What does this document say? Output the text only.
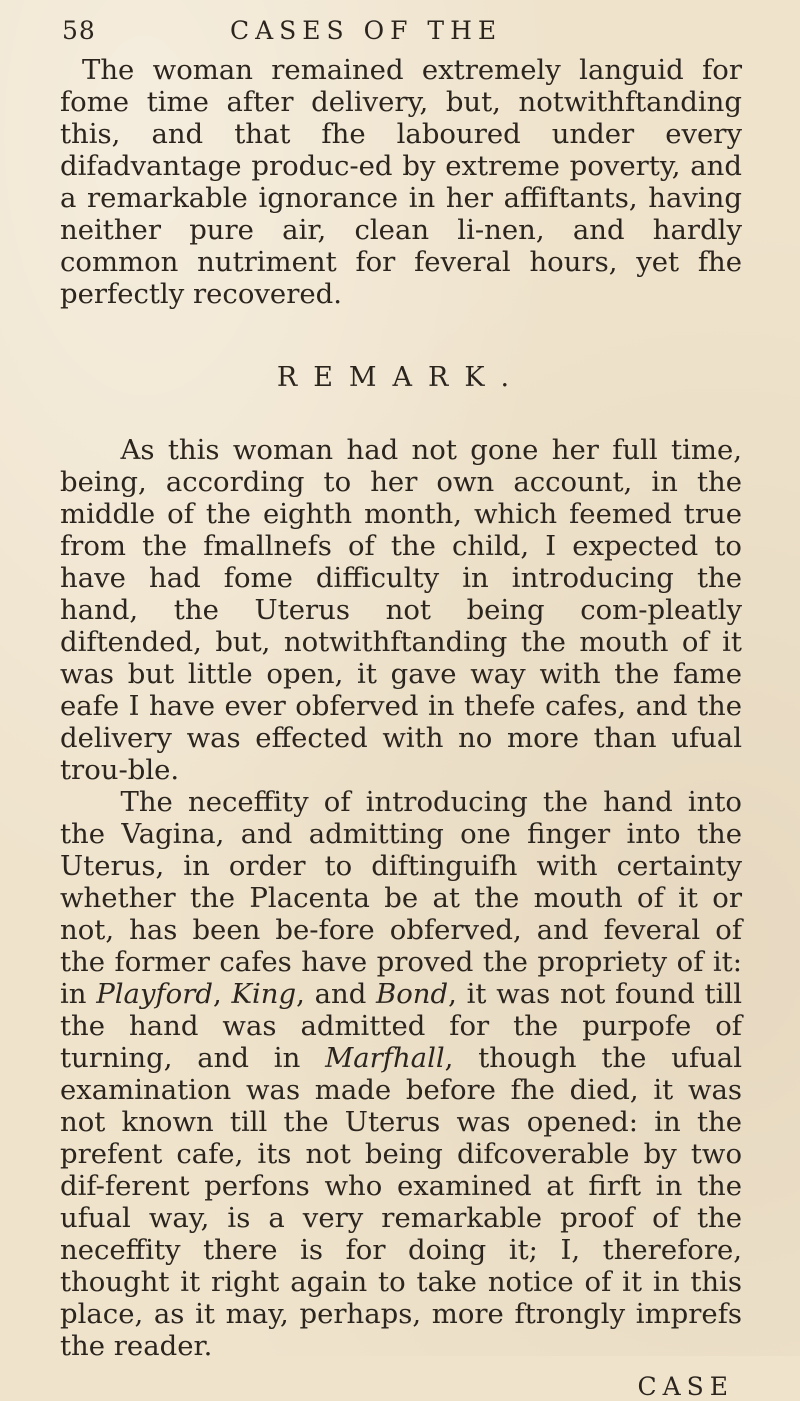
58	CASES OF THE

The woman remained extremely languid for fome time after delivery, but, notwithftanding this, and that fhe laboured under every difadvantage produc-ed by extreme poverty, and a remarkable ignorance in her affiftants, having neither pure air, clean li-nen, and hardly common nutriment for feveral hours, yet fhe perfectly recovered.

REMARK.

As this woman had not gone her full time, being, according to her own account, in the middle of the eighth month, which feemed true from the fmallnefs of the child, I expected to have had fome difficulty in introducing the hand, the Uterus not being com-pleatly diftended, but, notwithftanding the mouth of it was but little open, it gave way with the fame eafe I have ever obferved in thefe cafes, and the delivery was effected with no more than ufual trou-ble.

The neceffity of introducing the hand into the Vagina, and admitting one finger into the Uterus, in order to diftinguifh with certainty whether the Placenta be at the mouth of it or not, has been be-fore obferved, and feveral of the former cafes have proved the propriety of it: in Playford, King, and Bond, it was not found till the hand was admitted for the purpofe of turning, and in Marfhall, though the ufual examination was made before fhe died, it was not known till the Uterus was opened: in the prefent cafe, its not being difcoverable by two dif-ferent perfons who examined at firft in the ufual way, is a very remarkable proof of the neceffity there is for doing it; I, therefore, thought it right again to take notice of it in this place, as it may, perhaps, more ftrongly imprefs the reader.

CASE
